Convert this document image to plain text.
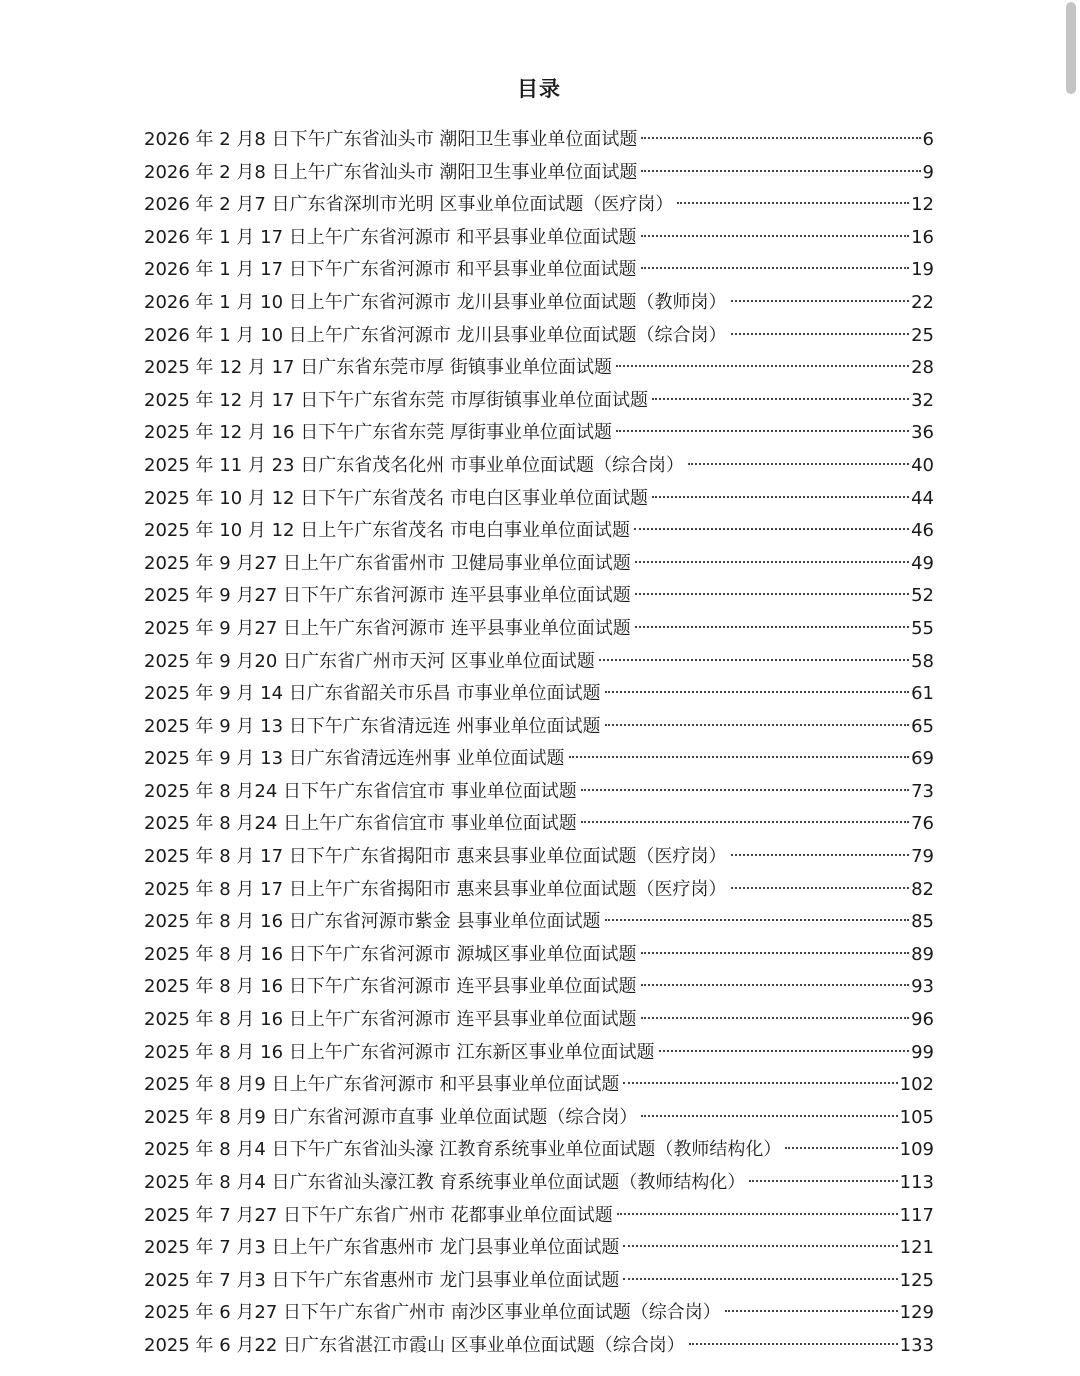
目录
2026 年 2 月8 日下午广东省汕头市 潮阳卫生事业单位面试题	6
2026 年 2 月8 日上午广东省汕头市 潮阳卫生事业单位面试题	9
2026 年 2 月7 日广东省深圳市光明 区事业单位面试题（医疗岗）	12
2026 年 1 月 17 日上午广东省河源市 和平县事业单位面试题	16
2026 年 1 月 17 日下午广东省河源市 和平县事业单位面试题	19
2026 年 1 月 10 日上午广东省河源市 龙川县事业单位面试题（教师岗）	22
2026 年 1 月 10 日上午广东省河源市 龙川县事业单位面试题（综合岗）	25
2025 年 12 月 17 日广东省东莞市厚 街镇事业单位面试题	28
2025 年 12 月 17 日下午广东省东莞 市厚街镇事业单位面试题	32
2025 年 12 月 16 日下午广东省东莞 厚街事业单位面试题	36
2025 年 11 月 23 日广东省茂名化州 市事业单位面试题（综合岗）	40
2025 年 10 月 12 日下午广东省茂名 市电白区事业单位面试题	44
2025 年 10 月 12 日上午广东省茂名 市电白事业单位面试题	46
2025 年 9 月27 日上午广东省雷州市 卫健局事业单位面试题	49
2025 年 9 月27 日下午广东省河源市 连平县事业单位面试题	52
2025 年 9 月27 日上午广东省河源市 连平县事业单位面试题	55
2025 年 9 月20 日广东省广州市天河 区事业单位面试题	58
2025 年 9 月 14 日广东省韶关市乐昌 市事业单位面试题	61
2025 年 9 月 13 日下午广东省清远连 州事业单位面试题	65
2025 年 9 月 13 日广东省清远连州事 业单位面试题	69
2025 年 8 月24 日下午广东省信宜市 事业单位面试题	73
2025 年 8 月24 日上午广东省信宜市 事业单位面试题	76
2025 年 8 月 17 日下午广东省揭阳市 惠来县事业单位面试题（医疗岗）	79
2025 年 8 月 17 日上午广东省揭阳市 惠来县事业单位面试题（医疗岗）	82
2025 年 8 月 16 日广东省河源市紫金 县事业单位面试题	85
2025 年 8 月 16 日下午广东省河源市 源城区事业单位面试题	89
2025 年 8 月 16 日下午广东省河源市 连平县事业单位面试题	93
2025 年 8 月 16 日上午广东省河源市 连平县事业单位面试题	96
2025 年 8 月 16 日上午广东省河源市 江东新区事业单位面试题	99
2025 年 8 月9 日上午广东省河源市 和平县事业单位面试题	102
2025 年 8 月9 日广东省河源市直事 业单位面试题（综合岗）	105
2025 年 8 月4 日下午广东省汕头濠 江教育系统事业单位面试题（教师结构化）	109
2025 年 8 月4 日广东省汕头濠江教 育系统事业单位面试题（教师结构化）	113
2025 年 7 月27 日下午广东省广州市 花都事业单位面试题	117
2025 年 7 月3 日上午广东省惠州市 龙门县事业单位面试题	121
2025 年 7 月3 日下午广东省惠州市 龙门县事业单位面试题	125
2025 年 6 月27 日下午广东省广州市 南沙区事业单位面试题（综合岗）	129
2025 年 6 月22 日广东省湛江市霞山 区事业单位面试题（综合岗）	133
